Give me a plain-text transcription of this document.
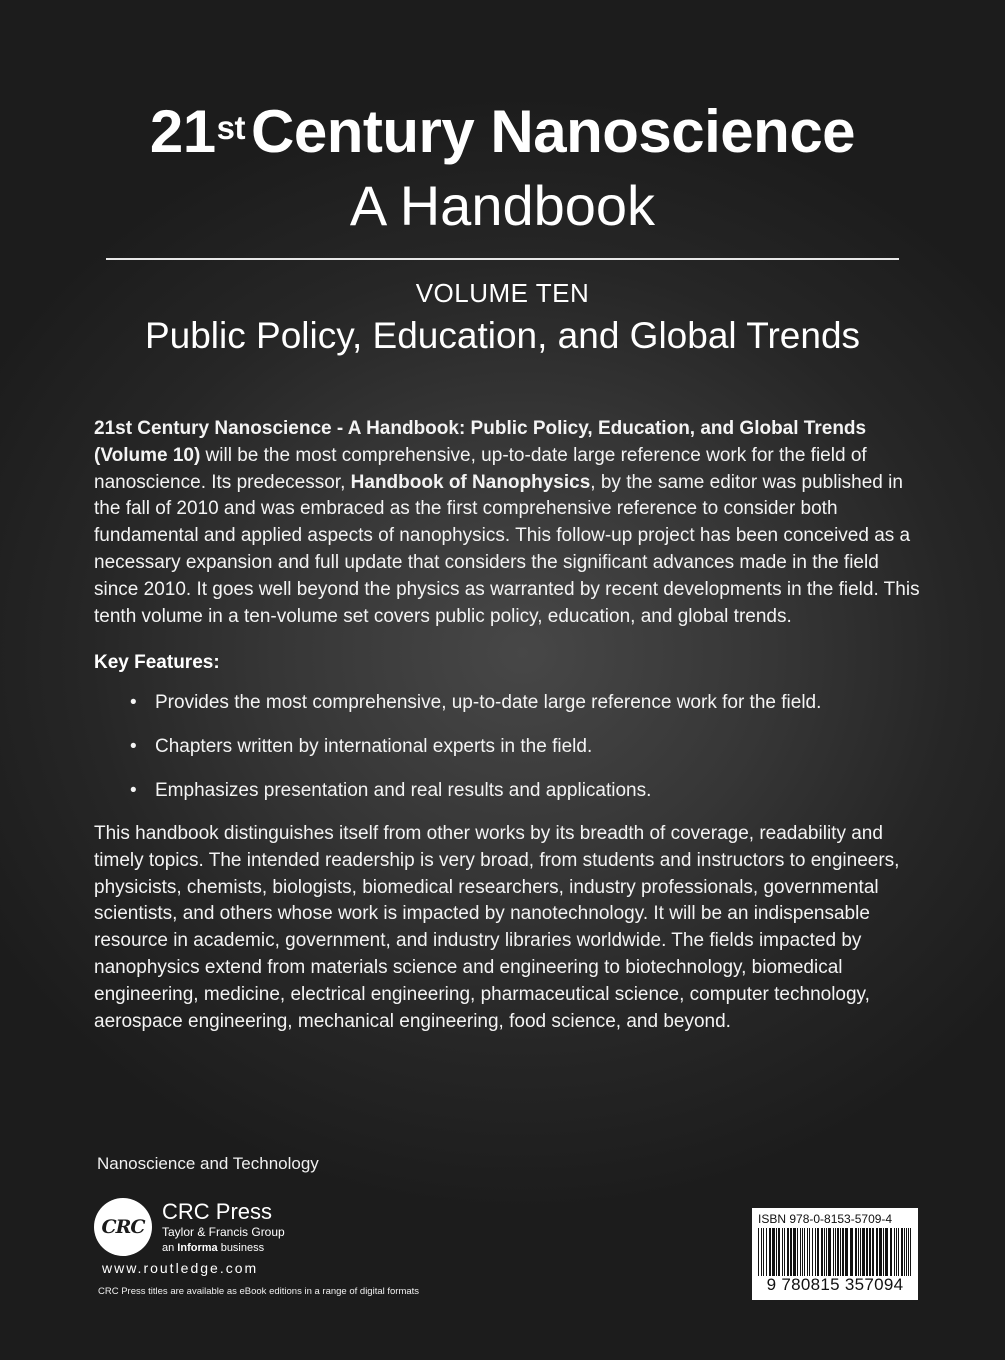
21st Century Nanoscience
A Handbook
VOLUME TEN
Public Policy, Education, and Global Trends

21st Century Nanoscience - A Handbook: Public Policy, Education, and Global Trends (Volume 10) will be the most comprehensive, up-to-date large reference work for the field of nanoscience. Its predecessor, Handbook of Nanophysics, by the same editor was published in the fall of 2010 and was embraced as the first comprehensive reference to consider both fundamental and applied aspects of nanophysics. This follow-up project has been conceived as a necessary expansion and full update that considers the significant advances made in the field since 2010. It goes well beyond the physics as warranted by recent developments in the field. This tenth volume in a ten-volume set covers public policy, education, and global trends.

Key Features:
• Provides the most comprehensive, up-to-date large reference work for the field.
• Chapters written by international experts in the field.
• Emphasizes presentation and real results and applications.

This handbook distinguishes itself from other works by its breadth of coverage, readability and timely topics. The intended readership is very broad, from students and instructors to engineers, physicists, chemists, biologists, biomedical researchers, industry professionals, governmental scientists, and others whose work is impacted by nanotechnology. It will be an indispensable resource in academic, government, and industry libraries worldwide. The fields impacted by nanophysics extend from materials science and engineering to biotechnology, biomedical engineering, medicine, electrical engineering, pharmaceutical science, computer technology, aerospace engineering, mechanical engineering, food science, and beyond.

Nanoscience and Technology
CRC
CRC Press
Taylor & Francis Group
an Informa business
www.routledge.com
CRC Press titles are available as eBook editions in a range of digital formats
ISBN 978-0-8153-5709-4
9 780815 357094
